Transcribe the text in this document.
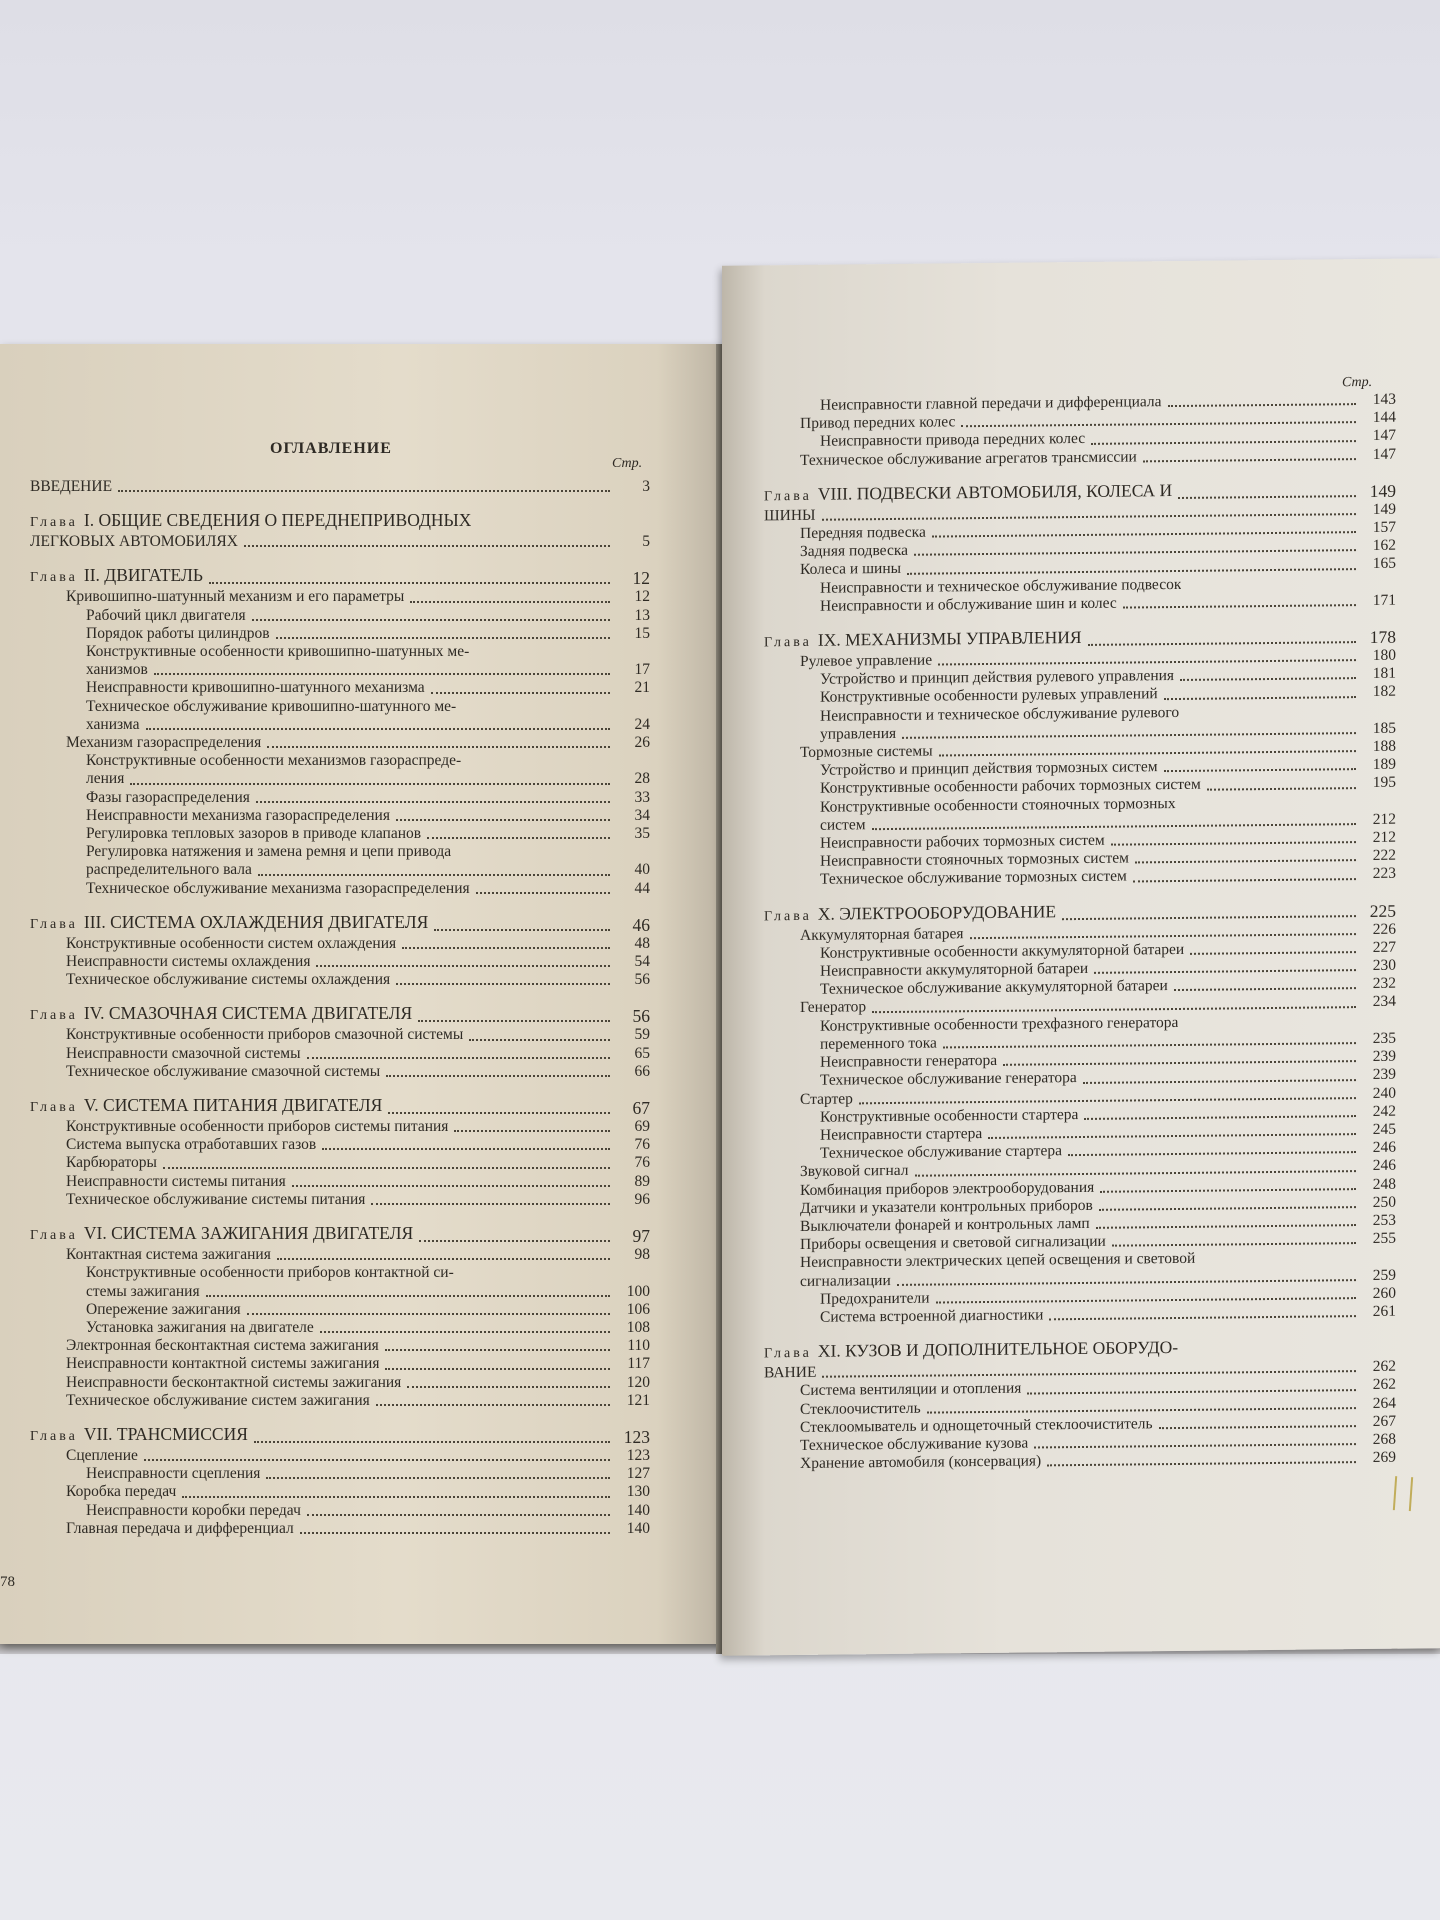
ОГЛАВЛЕНИЕ
Стр.
ВВЕДЕНИЕ	3
Глава I. ОБЩИЕ СВЕДЕНИЯ О ПЕРЕДНЕПРИВОДНЫХ
ЛЕГКОВЫХ АВТОМОБИЛЯХ	5
Глава II. ДВИГАТЕЛЬ	12
Кривошипно-шатунный механизм и его параметры	12
Рабочий цикл двигателя	13
Порядок работы цилиндров	15
Конструктивные особенности кривошипно-шатунных ме-
ханизмов	17
Неисправности кривошипно-шатунного механизма	21
Техническое обслуживание кривошипно-шатунного ме-
ханизма	24
Механизм газораспределения	26
Конструктивные особенности механизмов газораспреде-
ления	28
Фазы газораспределения	33
Неисправности механизма газораспределения	34
Регулировка тепловых зазоров в приводе клапанов	35
Регулировка натяжения и замена ремня и цепи привода
распределительного вала	40
Техническое обслуживание механизма газораспределения	44
Глава III. СИСТЕМА ОХЛАЖДЕНИЯ ДВИГАТЕЛЯ	46
Конструктивные особенности систем охлаждения	48
Неисправности системы охлаждения	54
Техническое обслуживание системы охлаждения	56
Глава IV. СМАЗОЧНАЯ СИСТЕМА ДВИГАТЕЛЯ	56
Конструктивные особенности приборов смазочной системы	59
Неисправности смазочной системы	65
Техническое обслуживание смазочной системы	66
Глава V. СИСТЕМА ПИТАНИЯ ДВИГАТЕЛЯ	67
Конструктивные особенности приборов системы питания	69
Система выпуска отработавших газов	76
Карбюраторы	76
Неисправности системы питания	89
Техническое обслуживание системы питания	96
Глава VI. СИСТЕМА ЗАЖИГАНИЯ ДВИГАТЕЛЯ	97
Контактная система зажигания	98
Конструктивные особенности приборов контактной си-
стемы зажигания	100
Опережение зажигания	106
Установка зажигания на двигателе	108
Электронная бесконтактная система зажигания	110
Неисправности контактной системы зажигания	117
Неисправности бесконтактной системы зажигания	120
Техническое обслуживание систем зажигания	121
Глава VII. ТРАНСМИССИЯ	123
Сцепление	123
Неисправности сцепления	127
Коробка передач	130
Неисправности коробки передач	140
Главная передача и дифференциал	140
78
Стр.
Неисправности главной передачи и дифференциала	143
Привод передних колес	144
Неисправности привода передних колес	147
Техническое обслуживание агрегатов трансмиссии	147
Глава VIII. ПОДВЕСКИ АВТОМОБИЛЯ, КОЛЕСА И	149
ШИНЫ	149
Передняя подвеска	157
Задняя подвеска	162
Колеса и шины	165
Неисправности и техническое обслуживание подвесок
Неисправности и обслуживание шин и колес	171
Глава IX. МЕХАНИЗМЫ УПРАВЛЕНИЯ	178
Рулевое управление	180
Устройство и принцип действия рулевого управления	181
Конструктивные особенности рулевых управлений	182
Неисправности и техническое обслуживание рулевого
управления	185
Тормозные системы	188
Устройство и принцип действия тормозных систем	189
Конструктивные особенности рабочих тормозных систем	195
Конструктивные особенности стояночных тормозных
систем	212
Неисправности рабочих тормозных систем	212
Неисправности стояночных тормозных систем	222
Техническое обслуживание тормозных систем	223
Глава X. ЭЛЕКТРООБОРУДОВАНИЕ	225
Аккумуляторная батарея	226
Конструктивные особенности аккумуляторной батареи	227
Неисправности аккумуляторной батареи	230
Техническое обслуживание аккумуляторной батареи	232
Генератор	234
Конструктивные особенности трехфазного генератора
переменного тока	235
Неисправности генератора	239
Техническое обслуживание генератора	239
Стартер	240
Конструктивные особенности стартера	242
Неисправности стартера	245
Техническое обслуживание стартера	246
Звуковой сигнал	246
Комбинация приборов электрооборудования	248
Датчики и указатели контрольных приборов	250
Выключатели фонарей и контрольных ламп	253
Приборы освещения и световой сигнализации	255
Неисправности электрических цепей освещения и световой
сигнализации	259
Предохранители	260
Система встроенной диагностики	261
Глава XI. КУЗОВ И ДОПОЛНИТЕЛЬНОЕ ОБОРУДО-
ВАНИЕ	262
Система вентиляции и отопления	262
Стеклоочиститель	264
Стеклоомыватель и однощеточный стеклоочиститель	267
Техническое обслуживание кузова	268
Хранение автомобиля (консервация)	269
